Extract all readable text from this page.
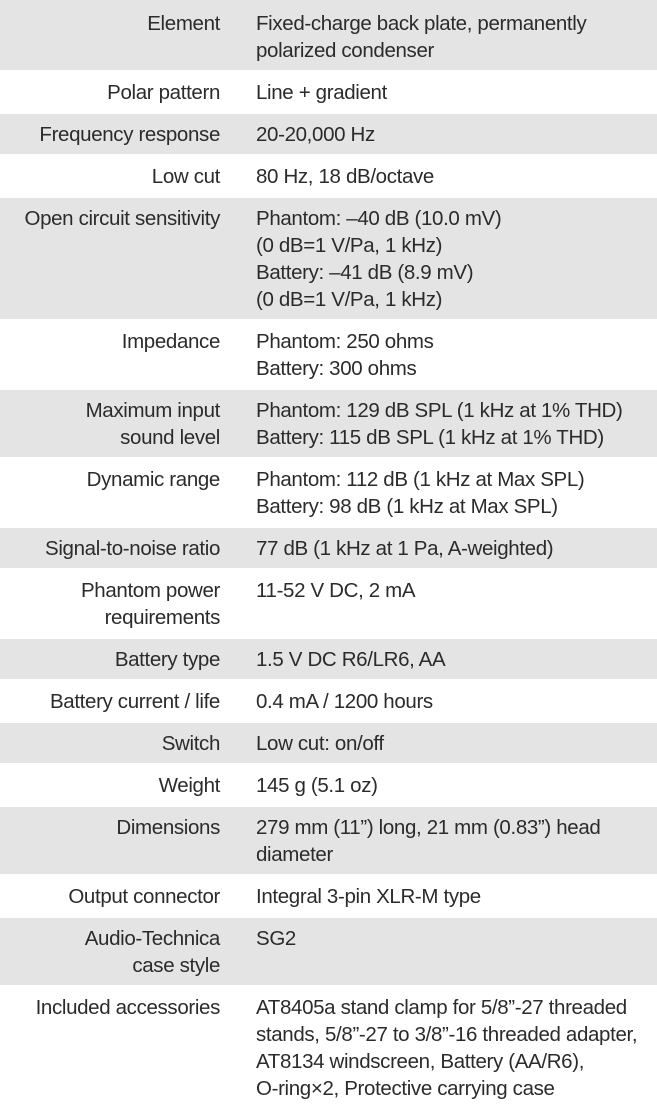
Element Fixed-charge back plate, permanently
polarized condenser
Polar pattern Line + gradient
Frequency response 20-20,000 Hz
Low cut 80 Hz, 18 dB/octave
Open circuit sensitivity Phantom: –40 dB (10.0 mV)
(0 dB=1 V/Pa, 1 kHz)
Battery: –41 dB (8.9 mV)
(0 dB=1 V/Pa, 1 kHz)
Impedance Phantom: 250 ohms
Battery: 300 ohms
Maximum input
sound level
Phantom: 129 dB SPL (1 kHz at 1% THD)
Battery: 115 dB SPL (1 kHz at 1% THD)
Dynamic range Phantom: 112 dB (1 kHz at Max SPL)
Battery: 98 dB (1 kHz at Max SPL)
Signal-to-noise ratio 77 dB (1 kHz at 1 Pa, A-weighted)
Phantom power
requirements
11-52 V DC, 2 mA
Battery type 1.5 V DC R6/LR6, AA
Battery current / life 0.4 mA / 1200 hours
Switch Low cut: on/off
Weight 145 g (5.1 oz)
Dimensions 279 mm (11”) long, 21 mm (0.83”) head
diameter
Output connector Integral 3-pin XLR-M type
Audio-Technica
case style
SG2
Included accessories AT8405a stand clamp for 5/8”-27 threaded
stands, 5/8”-27 to 3/8”-16 threaded adapter,
AT8134 windscreen, Battery (AA/R6),
O-ring×2, Protective carrying case
